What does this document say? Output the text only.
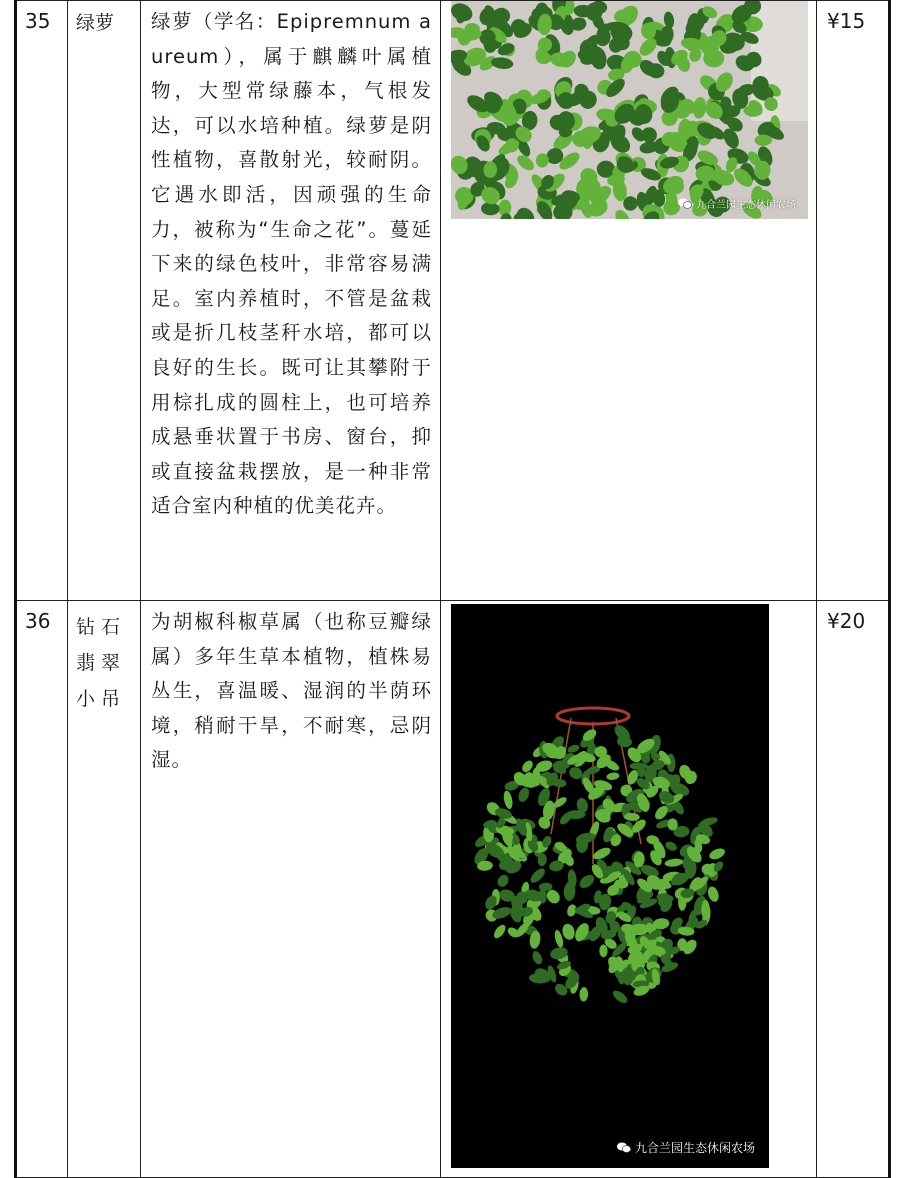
35	绿萝	绿萝（学名：Epipremnum aureum），属于麒麟叶属植物，大型常绿藤本，气根发达，可以水培种植。绿萝是阴性植物，喜散射光，较耐阴。它遇水即活，因顽强的生命力，被称为“生命之花”。蔓延下来的绿色枝叶，非常容易满足。室内养植时，不管是盆栽或是折几枝茎秆水培，都可以良好的生长。既可让其攀附于用棕扎成的圆柱上，也可培养成悬垂状置于书房、窗台，抑或直接盆栽摆放，是一种非常适合室内种植的优美花卉。	九合兰园生态休闲农场	¥15
36	钻石翡翠小吊	为胡椒科椒草属（也称豆瓣绿属）多年生草本植物，植株易丛生，喜温暖、湿润的半荫环境，稍耐干旱，不耐寒，忌阴湿。	九合兰园生态休闲农场	¥20
